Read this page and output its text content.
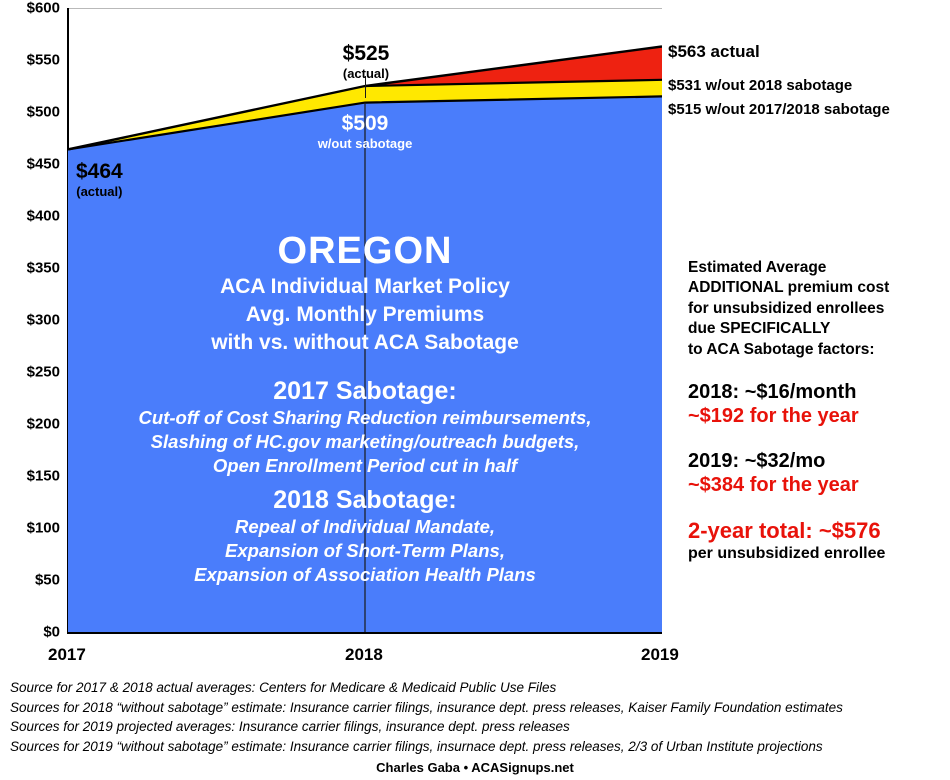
$600
$550
$500
$450
$400
$350
$300
$250
$200
$150
$100
$50
$0
$464
(actual)
$525
(actual)
$509
w/out sabotage
$563 actual
$531 w/out 2018 sabotage
$515 w/out 2017/2018 sabotage
OREGON
ACA Individual Market Policy
Avg. Monthly Premiums
with vs. without ACA Sabotage
2017 Sabotage:
Cut-off of Cost Sharing Reduction reimbursements,
Slashing of HC.gov marketing/outreach budgets,
Open Enrollment Period cut in half
2018 Sabotage:
Repeal of Individual Mandate,
Expansion of Short-Term Plans,
Expansion of Association Health Plans
2017	2018	2019
Estimated Average
ADDITIONAL premium cost
for unsubsidized enrollees
due SPECIFICALLY
to ACA Sabotage factors:
2018: ~$16/month
~$192 for the year
2019: ~$32/mo
~$384 for the year
2-year total: ~$576
per unsubsidized enrollee
Source for 2017 & 2018 actual averages: Centers for Medicare & Medicaid Public Use Files
Sources for 2018 “without sabotage” estimate: Insurance carrier filings, insurance dept. press releases, Kaiser Family Foundation estimates
Sources for 2019 projected averages: Insurance carrier filings, insurance dept. press releases
Sources for 2019 “without sabotage” estimate: Insurance carrier filings, insurnace dept. press releases, 2/3 of Urban Institute projections
Charles Gaba • ACASignups.net
